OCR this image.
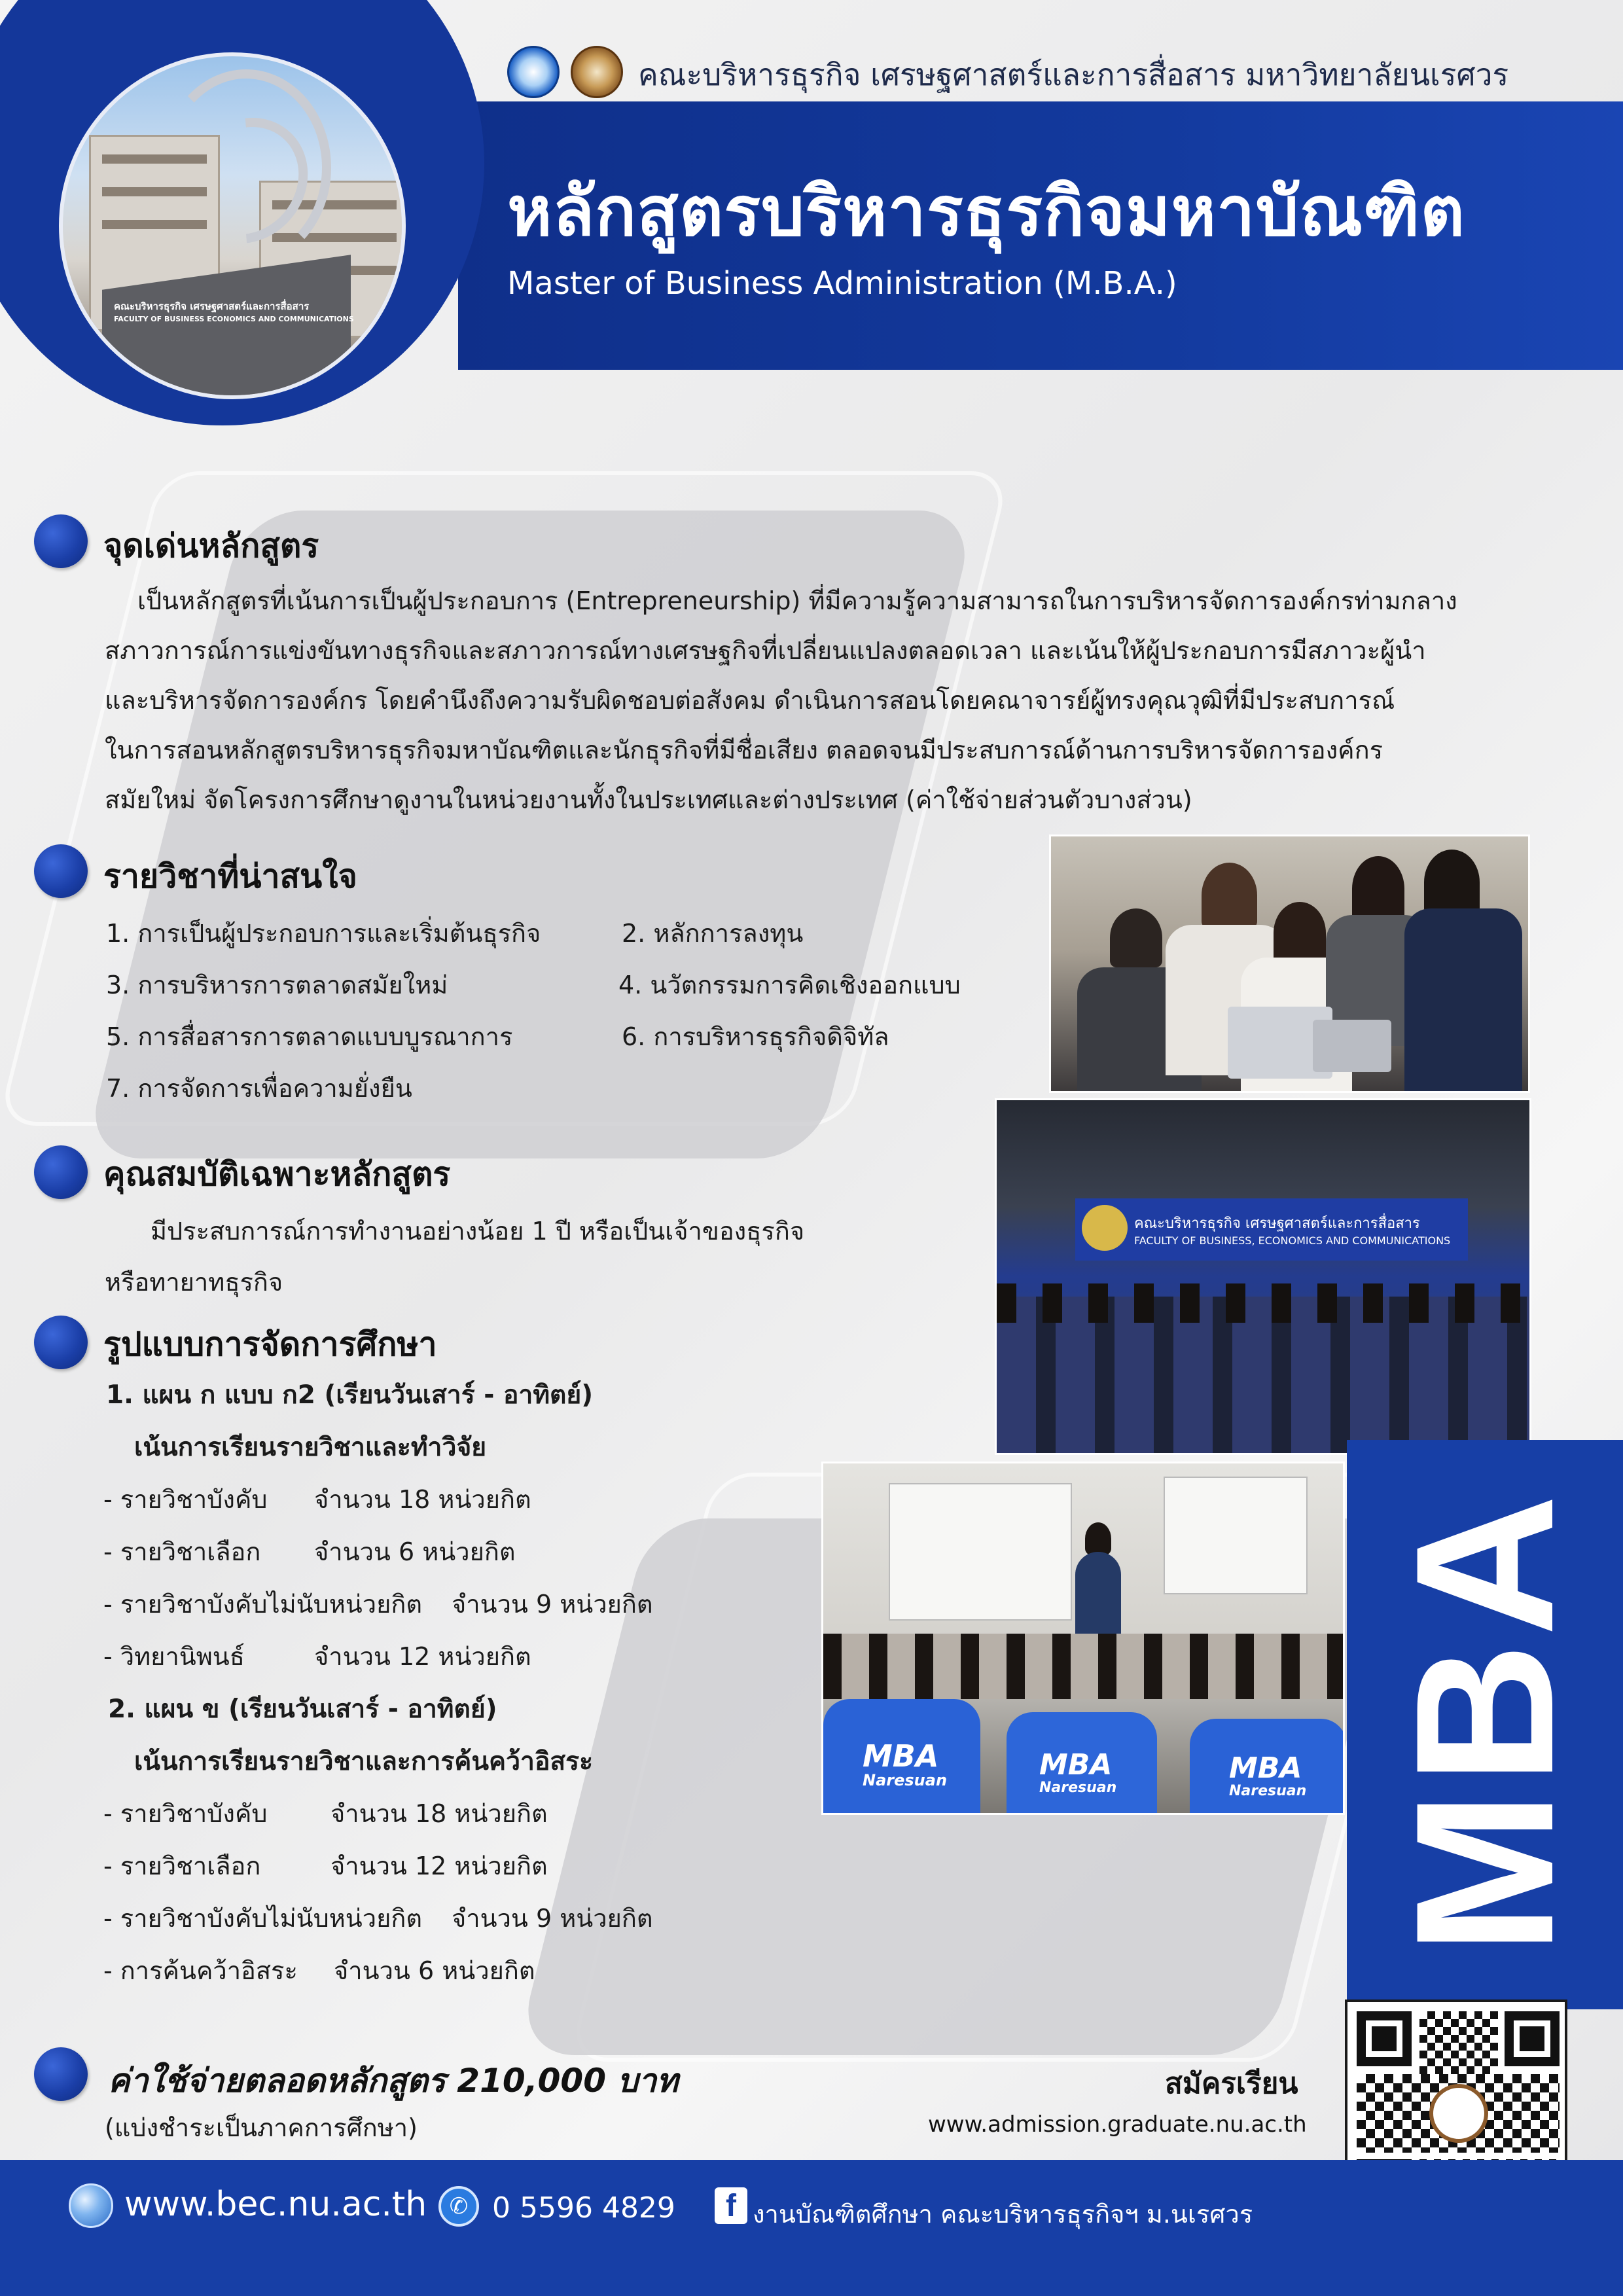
คณะบริหารธุรกิจ เศรษฐศาสตร์และการสื่อสาร
FACULTY OF BUSINESS ECONOMICS AND COMMUNICATIONS
คณะบริหารธุรกิจ เศรษฐศาสตร์และการสื่อสาร มหาวิทยาลัยนเรศวร
หลักสูตรบริหารธุรกิจมหาบัณฑิต
Master of Business Administration (M.B.A.)
จุดเด่นหลักสูตร
เป็นหลักสูตรที่เน้นการเป็นผู้ประกอบการ (Entrepreneurship) ที่มีความรู้ความสามารถในการบริหารจัดการองค์กรท่ามกลาง
สภาวการณ์การแข่งขันทางธุรกิจและสภาวการณ์ทางเศรษฐกิจที่เปลี่ยนแปลงตลอดเวลา และเน้นให้ผู้ประกอบการมีสภาวะผู้นำ
และบริหารจัดการองค์กร โดยคำนึงถึงความรับผิดชอบต่อสังคม ดำเนินการสอนโดยคณาจารย์ผู้ทรงคุณวุฒิที่มีประสบการณ์
ในการสอนหลักสูตรบริหารธุรกิจมหาบัณฑิตและนักธุรกิจที่มีชื่อเสียง ตลอดจนมีประสบการณ์ด้านการบริหารจัดการองค์กร
สมัยใหม่ จัดโครงการศึกษาดูงานในหน่วยงานทั้งในประเทศและต่างประเทศ (ค่าใช้จ่ายส่วนตัวบางส่วน)
รายวิชาที่น่าสนใจ
1. การเป็นผู้ประกอบการและเริ่มต้นธุรกิจ	2. หลักการลงทุน
3. การบริหารการตลาดสมัยใหม่	4. นวัตกรรมการคิดเชิงออกแบบ
5. การสื่อสารการตลาดแบบบูรณาการ	6. การบริหารธุรกิจดิจิทัล
7. การจัดการเพื่อความยั่งยืน
คุณสมบัติเฉพาะหลักสูตร
มีประสบการณ์การทำงานอย่างน้อย 1 ปี หรือเป็นเจ้าของธุรกิจ
หรือทายาทธุรกิจ
คณะบริหารธุรกิจ เศรษฐศาสตร์และการสื่อสาร
FACULTY OF BUSINESS, ECONOMICS AND COMMUNICATIONS
รูปแบบการจัดการศึกษา
1. แผน ก แบบ ก2 (เรียนวันเสาร์ - อาทิตย์)
เน้นการเรียนรายวิชาและทำวิจัย
- รายวิชาบังคับ จำนวน 18 หน่วยกิต
- รายวิชาเลือก จำนวน 6 หน่วยกิต
- รายวิชาบังคับไม่นับหน่วยกิต จำนวน 9 หน่วยกิต
- วิทยานิพนธ์	จำนวน 12 หน่วยกิต
2. แผน ข (เรียนวันเสาร์ - อาทิตย์)
เน้นการเรียนรายวิชาและการค้นคว้าอิสระ
- รายวิชาบังคับ	จำนวน 18 หน่วยกิต
- รายวิชาเลือก	จำนวน 12 หน่วยกิต
- รายวิชาบังคับไม่นับหน่วยกิต จำนวน 9 หน่วยกิต
- การค้นคว้าอิสระ จำนวน 6 หน่วยกิต
MBA
Naresuan	MBA
Naresuan
MBA
Naresuan MBA
ค่าใช้จ่ายตลอดหลักสูตร 210,000 บาท
(แบ่งชำระเป็นภาคการศึกษา)
สมัครเรียน
www.admission.graduate.nu.ac.th
www.bec.nu.ac.th	✆ 0 5596 4829	f งานบัณฑิตศึกษา คณะบริหารธุรกิจฯ ม.นเรศวร
